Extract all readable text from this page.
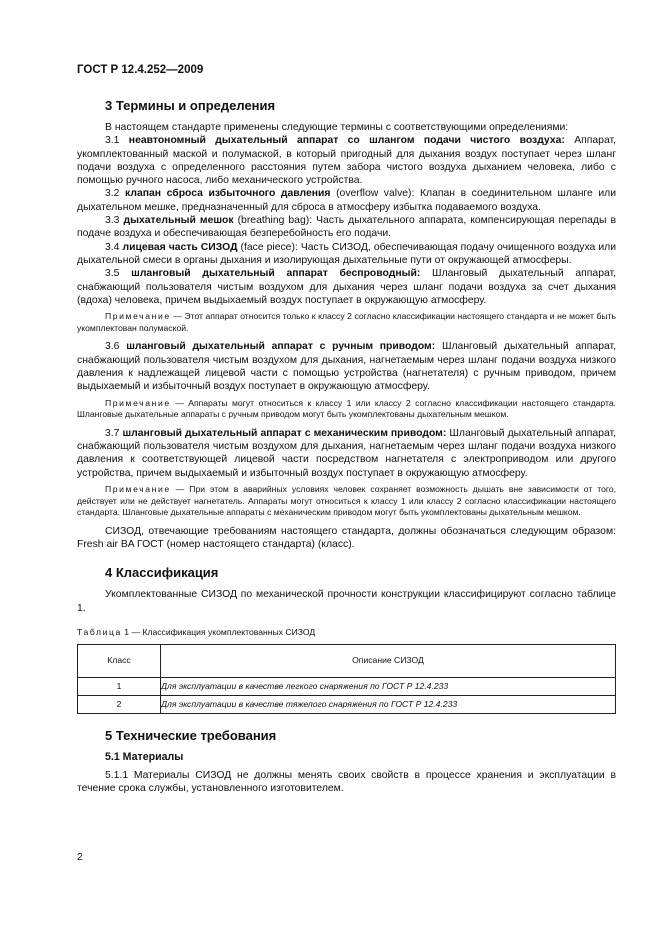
ГОСТ Р 12.4.252—2009
3 Термины и определения

В настоящем стандарте применены следующие термины с соответствующими определениями:

3.1 неавтономный дыхательный аппарат со шлангом подачи чистого воздуха: Аппарат, укомплектованный маской и полумаской, в который пригодный для дыхания воздух поступает через шланг подачи воздуха с определенного расстояния путем забора чистого воздуха дыханием человека, либо с помощью ручного насоса, либо механического устройства.

3.2 клапан сброса избыточного давления (overflow valve): Клапан в соединительном шланге или дыхательном мешке, предназначенный для сброса в атмосферу избытка подаваемого воздуха.

3.3 дыхательный мешок (breathing bag): Часть дыхательного аппарата, компенсирующая перепады в подаче воздуха и обеспечивающая безперебойность его подачи.

3.4 лицевая часть СИЗОД (face piece): Часть СИЗОД, обеспечивающая подачу очищенного воздуха или дыхательной смеси в органы дыхания и изолирующая дыхательные пути от окружающей атмосферы.

3.5 шланговый дыхательный аппарат беспроводный: Шланговый дыхательный аппарат, снабжающий пользователя чистым воздухом для дыхания через шланг подачи воздуха за счет дыхания (вдоха) человека, причем выдыхаемый воздух поступает в окружающую атмосферу.

Примечание — Этот аппарат относится только к классу 2 согласно классификации настоящего стандарта и не может быть укомплектован полумаской.

3.6 шланговый дыхательный аппарат с ручным приводом: Шланговый дыхательный аппарат, снабжающий пользователя чистым воздухом для дыхания, нагнетаемым через шланг подачи воздуха низкого давления к надлежащей лицевой части с помощью устройства (нагнетателя) с ручным приводом, причем выдыхаемый и избыточный воздух поступает в окружающую атмосферу.

Примечание — Аппараты могут относиться к классу 1 или классу 2 согласно классификации настоящего стандарта. Шланговые дыхательные аппараты с ручным приводом могут быть укомплектованы дыхательным мешком.

3.7 шланговый дыхательный аппарат с механическим приводом: Шланговый дыхательный аппарат, снабжающий пользователя чистым воздухом для дыхания, нагнетаемым через шланг подачи воздуха низкого давления к соответствующей лицевой части посредством нагнетателя с электроприводом или другого устройства, причем выдыхаемый и избыточный воздух поступает в окружающую атмосферу.

Примечание — При этом в аварийных условиях человек сохраняет возможность дышать вне зависимости от того, действует или не действует нагнетатель. Аппараты могут относиться к классу 1 или классу 2 согласно классификации настоящего стандарта. Шланговые дыхательные аппараты с механическим приводом могут быть укомплектованы дыхательным мешком.

СИЗОД, отвечающие требованиям настоящего стандарта, должны обозначаться следующим образом: Fresh air BA ГОСТ (номер настоящего стандарта) (класс).

4 Классификация

Укомплектованные СИЗОД по механической прочности конструкции классифицируют согласно таблице 1.

Таблица 1 — Классификация укомплектованных СИЗОД
Класс	Описание СИЗОД
1	Для эксплуатации в качестве легкого снаряжения по ГОСТ Р 12.4.233
2	Для эксплуатации в качестве тяжелого снаряжения по ГОСТ Р 12.4.233
5 Технические требования
5.1 Материалы

5.1.1 Материалы СИЗОД не должны менять своих свойств в процессе хранения и эксплуатации в течение срока службы, установленного изготовителем.

2
